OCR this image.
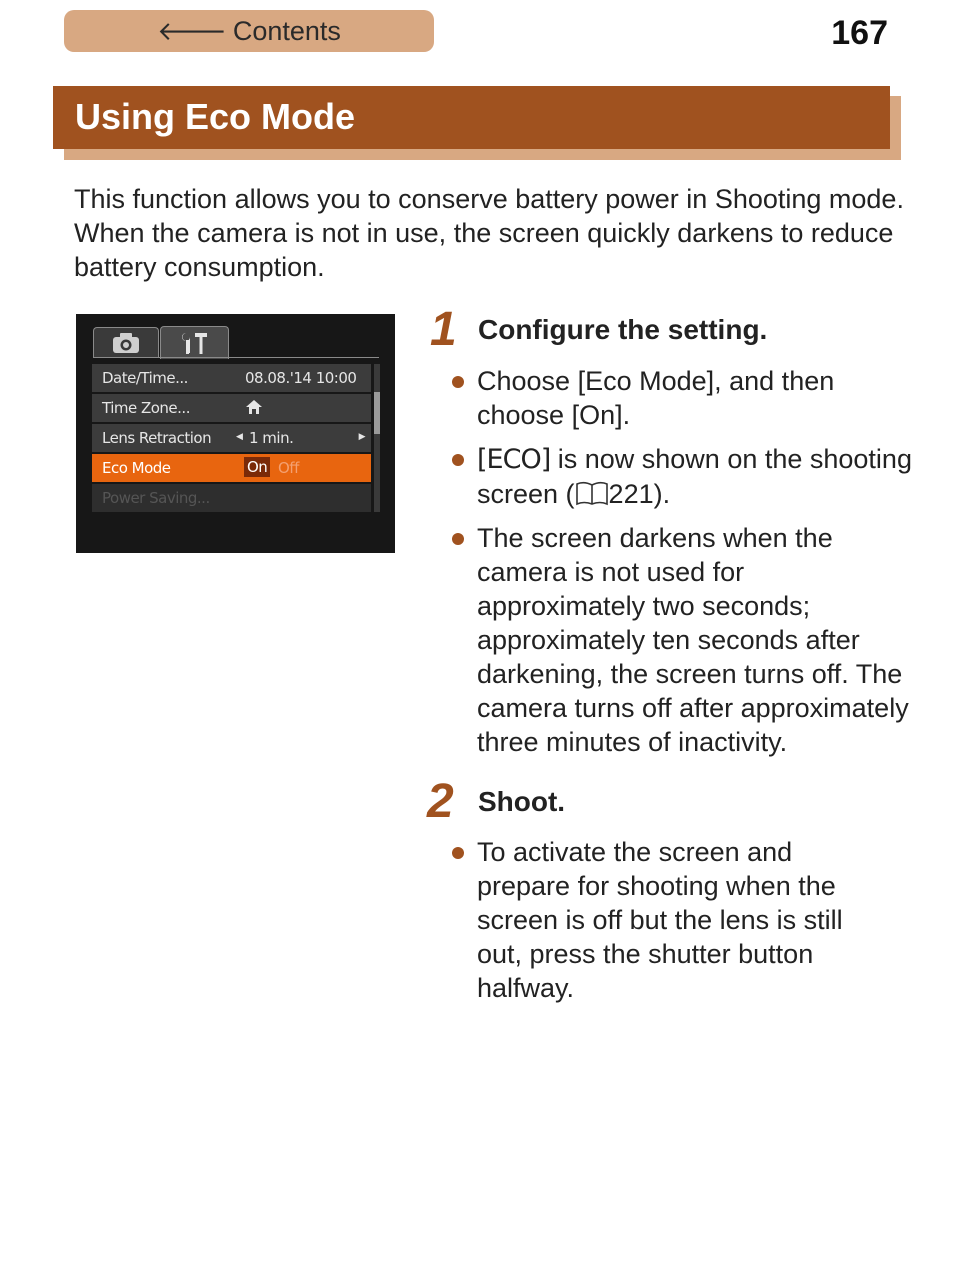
🡐 Contents	167
Using Eco Mode

This function allows you to conserve battery power in Shooting mode. When the camera is not in use, the screen quickly darkens to reduce battery consumption.

Date/Time...	08.08.'14 10:00
Time Zone...
Lens Retraction	◀ 1 min.	▶
Eco Mode	On Off
Power Saving...
1 Configure the setting.
Choose [Eco Mode], and then choose [On].
[ECO] is now shown on the shooting screen ( 221).
The screen darkens when the camera is not used for approximately two seconds; approximately ten seconds after darkening, the screen turns off. The camera turns off after approximately three minutes of inactivity.
2 Shoot.
To activate the screen and prepare for shooting when the screen is off but the lens is still out, press the shutter button halfway.
